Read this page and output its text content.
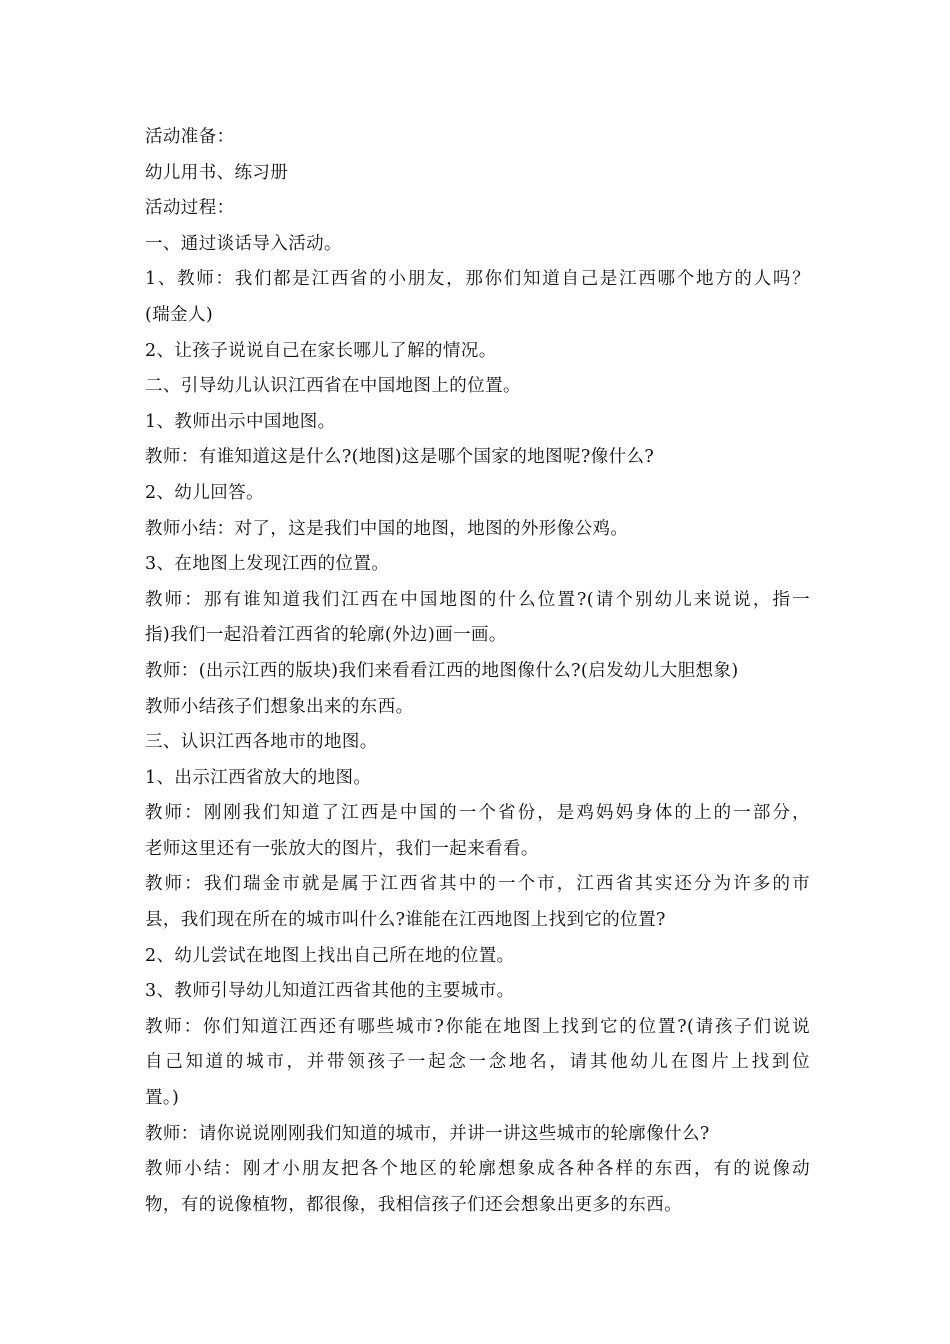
活动准备：
幼儿用书、练习册
活动过程：
一、通过谈话导入活动。
1、教师：我们都是江西省的小朋友，那你们知道自己是江西哪个地方的人吗？
(瑞金人)
2、让孩子说说自己在家长哪儿了解的情况。
二、引导幼儿认识江西省在中国地图上的位置。
1、教师出示中国地图。
教师：有谁知道这是什么?(地图)这是哪个国家的地图呢?像什么?
2、幼儿回答。
教师小结：对了，这是我们中国的地图，地图的外形像公鸡。
3、在地图上发现江西的位置。
教师：那有谁知道我们江西在中国地图的什么位置?(请个别幼儿来说说，指一
指)我们一起沿着江西省的轮廓(外边)画一画。
教师：(出示江西的版块)我们来看看江西的地图像什么?(启发幼儿大胆想象)
教师小结孩子们想象出来的东西。
三、认识江西各地市的地图。
1、出示江西省放大的地图。
教师：刚刚我们知道了江西是中国的一个省份，是鸡妈妈身体的上的一部分，
老师这里还有一张放大的图片，我们一起来看看。
教师：我们瑞金市就是属于江西省其中的一个市，江西省其实还分为许多的市
县，我们现在所在的城市叫什么?谁能在江西地图上找到它的位置?
2、幼儿尝试在地图上找出自己所在地的位置。
3、教师引导幼儿知道江西省其他的主要城市。
教师：你们知道江西还有哪些城市?你能在地图上找到它的位置?(请孩子们说说
自己知道的城市，并带领孩子一起念一念地名，请其他幼儿在图片上找到位
置。)
教师：请你说说刚刚我们知道的城市，并讲一讲这些城市的轮廓像什么?
教师小结：刚才小朋友把各个地区的轮廓想象成各种各样的东西，有的说像动
物，有的说像植物，都很像，我相信孩子们还会想象出更多的东西。
